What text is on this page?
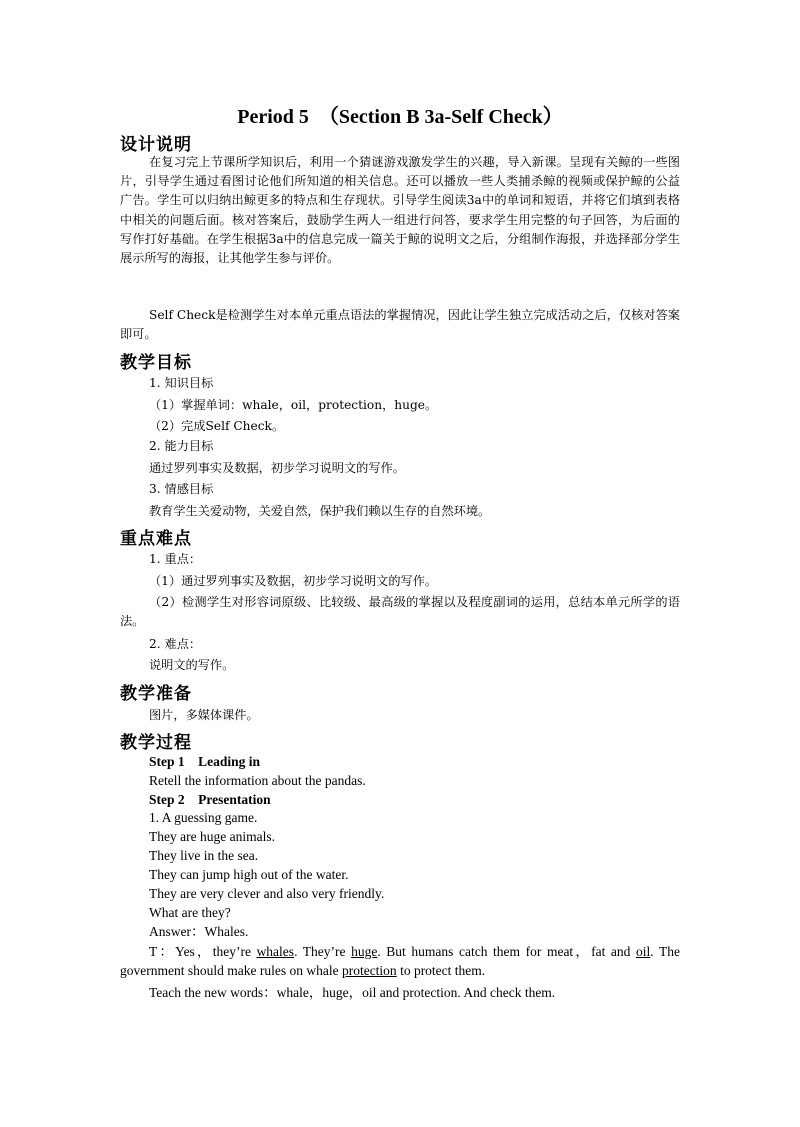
Period 5  （Section B 3a-Self Check）
设计说明
在复习完上节课所学知识后，利用一个猜谜游戏激发学生的兴趣，导入新课。呈现有关鲸的一些图片，引导学生通过看图讨论他们所知道的相关信息。还可以播放一些人类捕杀鲸的视频或保护鲸的公益广告。学生可以归纳出鲸更多的特点和生存现状。引导学生阅读3a中的单词和短语，并将它们填到表格中相关的问题后面。核对答案后，鼓励学生两人一组进行问答，要求学生用完整的句子回答，为后面的写作打好基础。在学生根据3a中的信息完成一篇关于鲸的说明文之后，分组制作海报，并选择部分学生展示所写的海报，让其他学生参与评价。
Self Check是检测学生对本单元重点语法的掌握情况，因此让学生独立完成活动之后，仅核对答案即可。
教学目标
1. 知识目标
（1）掌握单词：whale，oil，protection，huge。
（2）完成Self Check。
2. 能力目标
通过罗列事实及数据，初步学习说明文的写作。
3. 情感目标
教育学生关爱动物，关爱自然，保护我们赖以生存的自然环境。
重点难点
1. 重点：
（1）通过罗列事实及数据，初步学习说明文的写作。
（2）检测学生对形容词原级、比较级、最高级的掌握以及程度副词的运用，总结本单元所学的语法。
2. 难点：
说明文的写作。
教学准备
图片，多媒体课件。
教学过程
Step 1    Leading in
Retell the information about the pandas.
Step 2    Presentation
1. A guessing game.
They are huge animals.
They live in the sea.
They can jump high out of the water.
They are very clever and also very friendly.
What are they?
Answer：Whales.
T：Yes，they’re whales. They’re huge. But humans catch them for meat，fat and oil. The government should make rules on whale protection to protect them.
Teach the new words：whale，huge，oil and protection. And check them.
